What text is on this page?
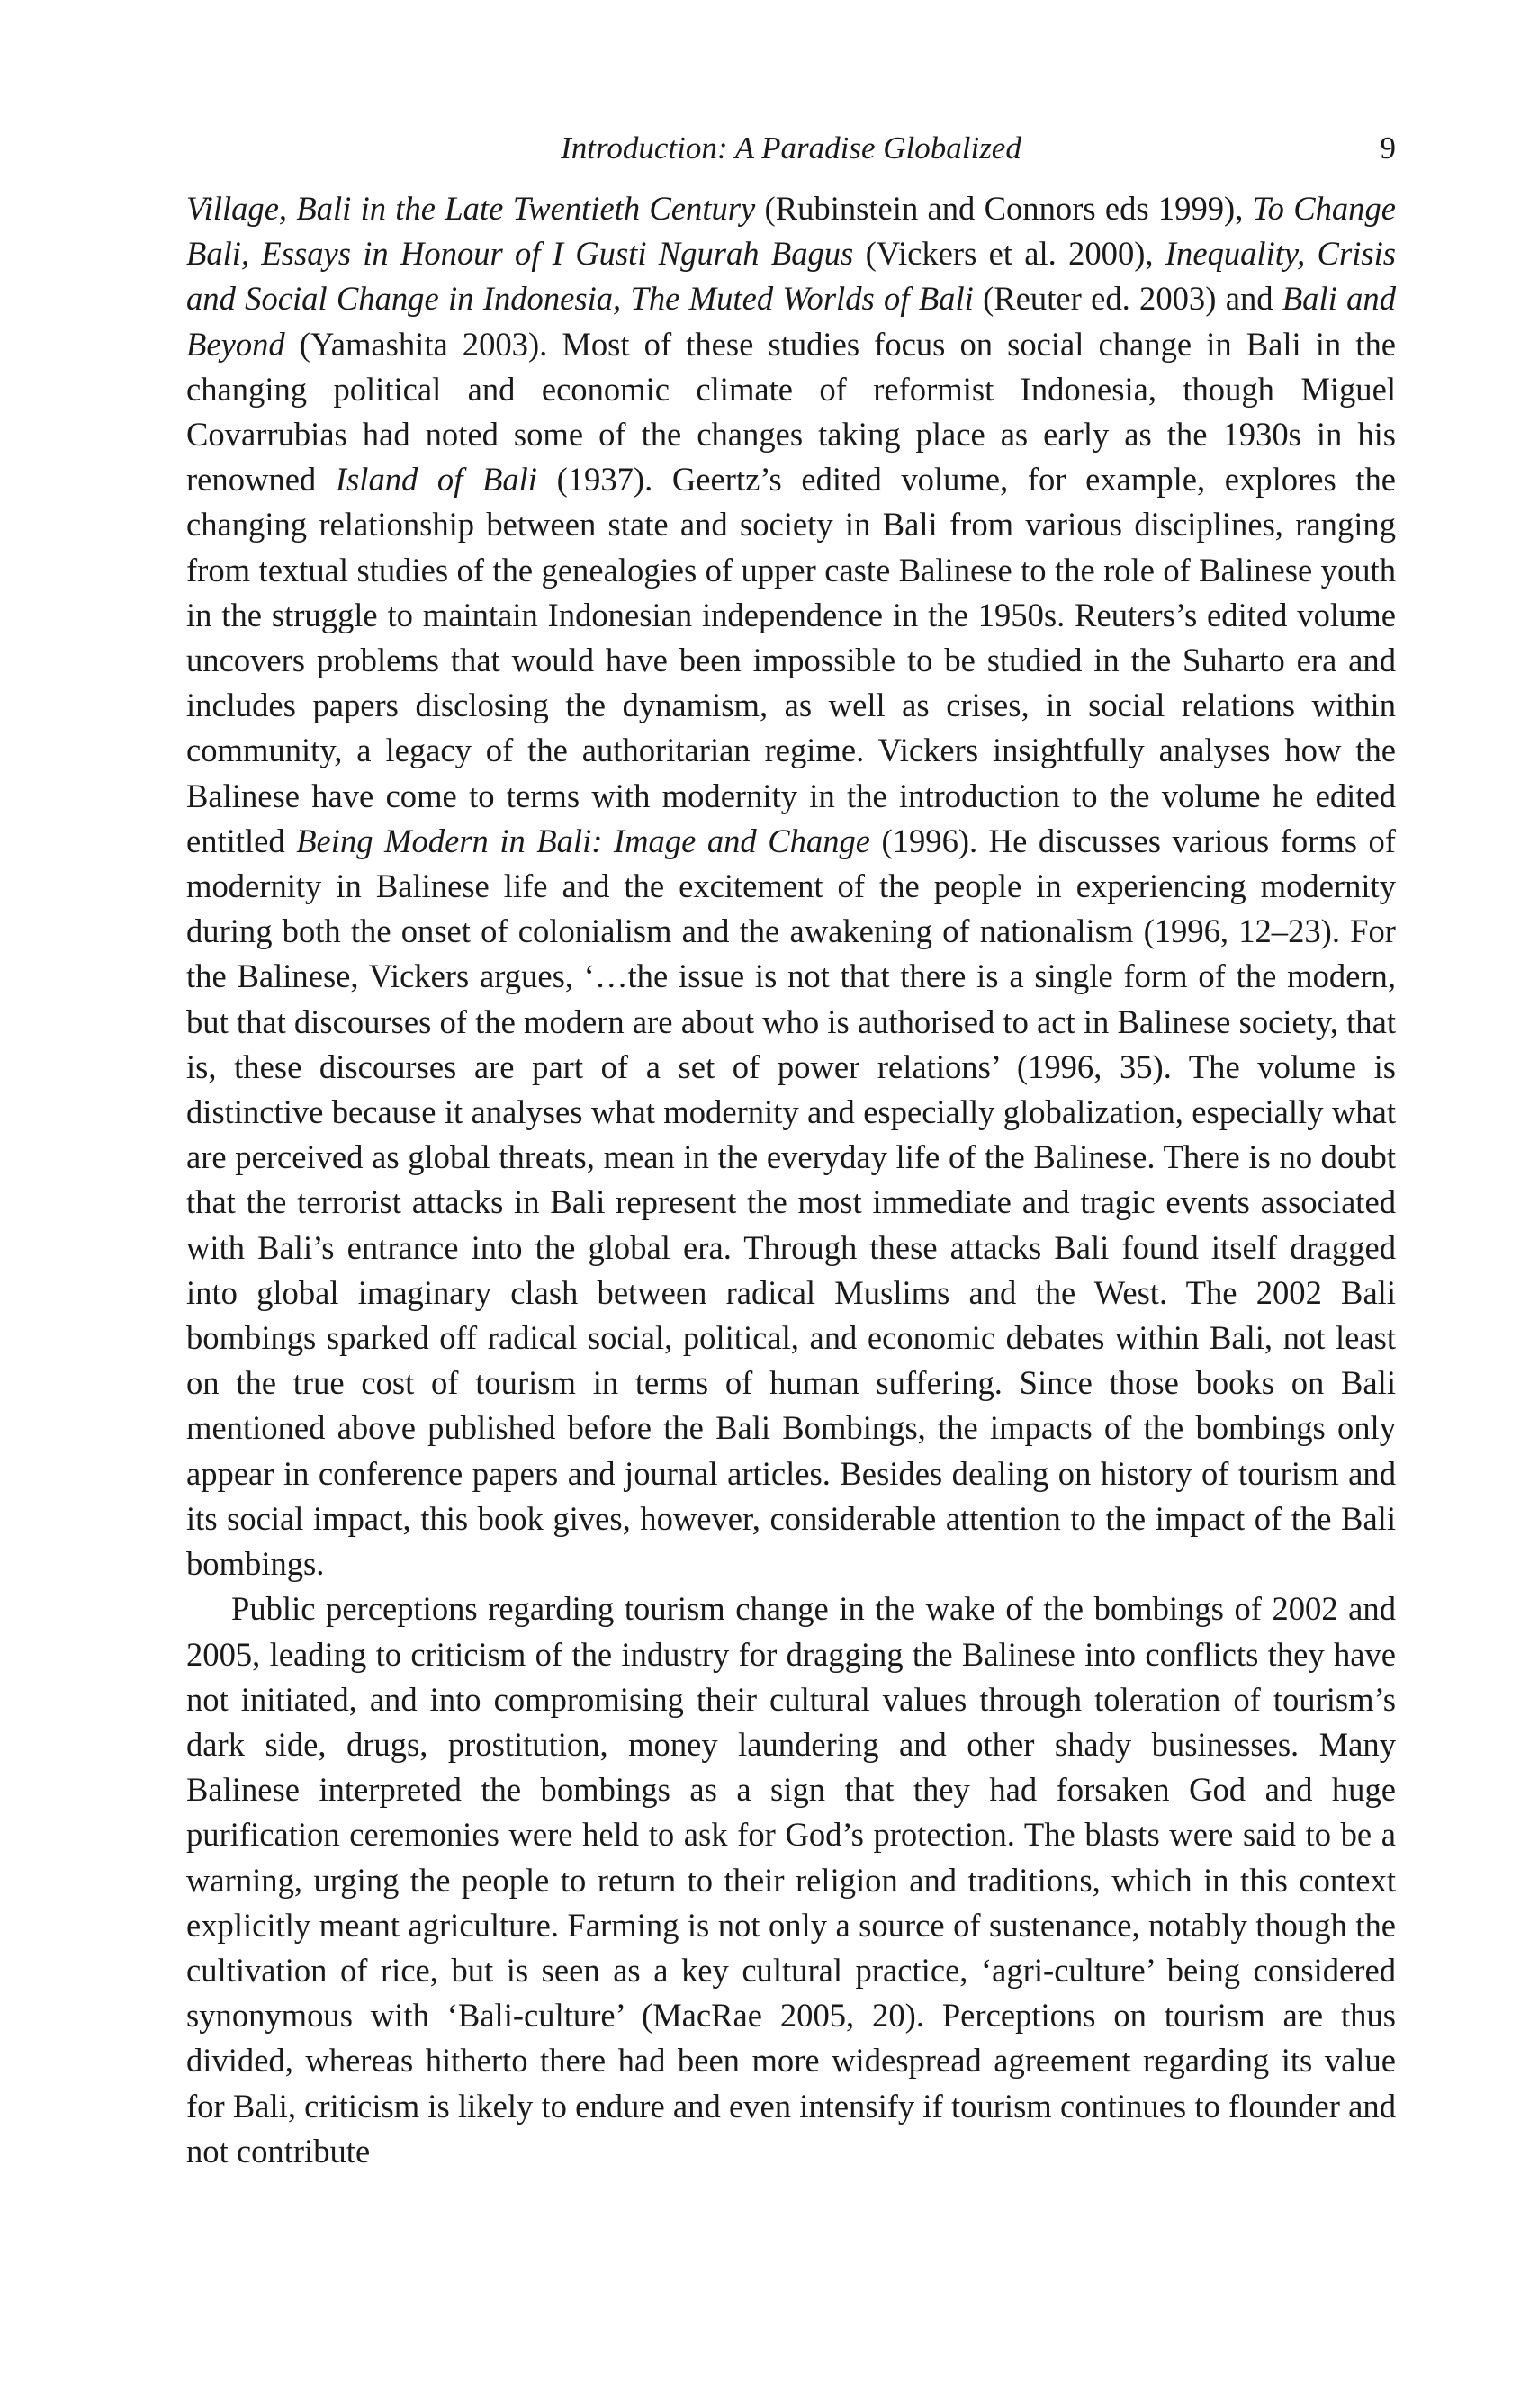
Introduction: A Paradise Globalized	9

Village, Bali in the Late Twentieth Century (Rubinstein and Connors eds 1999), To Change Bali, Essays in Honour of I Gusti Ngurah Bagus (Vickers et al. 2000), Inequality, Crisis and Social Change in Indonesia, The Muted Worlds of Bali (Reuter ed. 2003) and Bali and Beyond (Yamashita 2003). Most of these studies focus on social change in Bali in the changing political and economic climate of reformist Indonesia, though Miguel Covarrubias had noted some of the changes taking place as early as the 1930s in his renowned Island of Bali (1937). Geertz’s edited volume, for example, explores the changing relationship between state and society in Bali from various disciplines, ranging from textual studies of the genealogies of upper caste Balinese to the role of Balinese youth in the struggle to maintain Indonesian independence in the 1950s. Reuters’s edited volume uncovers problems that would have been impossible to be studied in the Suharto era and includes papers disclosing the dynamism, as well as crises, in social relations within community, a legacy of the authoritarian regime. Vickers insightfully analyses how the Balinese have come to terms with modernity in the introduction to the volume he edited entitled Being Modern in Bali: Image and Change (1996). He discusses various forms of modernity in Balinese life and the excitement of the people in experiencing modernity during both the onset of colonialism and the awakening of nationalism (1996, 12–23). For the Balinese, Vickers argues, ‘…the issue is not that there is a single form of the modern, but that discourses of the modern are about who is authorised to act in Balinese society, that is, these discourses are part of a set of power relations’ (1996, 35). The volume is distinctive because it analyses what modernity and especially globalization, especially what are perceived as global threats, mean in the everyday life of the Balinese. There is no doubt that the terrorist attacks in Bali represent the most immediate and tragic events associated with Bali’s entrance into the global era. Through these attacks Bali found itself dragged into global imaginary clash between radical Muslims and the West. The 2002 Bali bombings sparked off radical social, political, and economic debates within Bali, not least on the true cost of tourism in terms of human suffering. Since those books on Bali mentioned above published before the Bali Bombings, the impacts of the bombings only appear in conference papers and journal articles. Besides dealing on history of tourism and its social impact, this book gives, however, considerable attention to the impact of the Bali bombings.

Public perceptions regarding tourism change in the wake of the bombings of 2002 and 2005, leading to criticism of the industry for dragging the Balinese into conflicts they have not initiated, and into compromising their cultural values through toleration of tourism’s dark side, drugs, prostitution, money laundering and other shady businesses. Many Balinese interpreted the bombings as a sign that they had forsaken God and huge purification ceremonies were held to ask for God’s protection. The blasts were said to be a warning, urging the people to return to their religion and traditions, which in this context explicitly meant agriculture. Farming is not only a source of sustenance, notably though the cultivation of rice, but is seen as a key cultural practice, ‘agri-culture’ being considered synonymous with ‘Bali-culture’ (MacRae 2005, 20). Perceptions on tourism are thus divided, whereas hitherto there had been more widespread agreement regarding its value for Bali, criticism is likely to endure and even intensify if tourism continues to flounder and not contribute
